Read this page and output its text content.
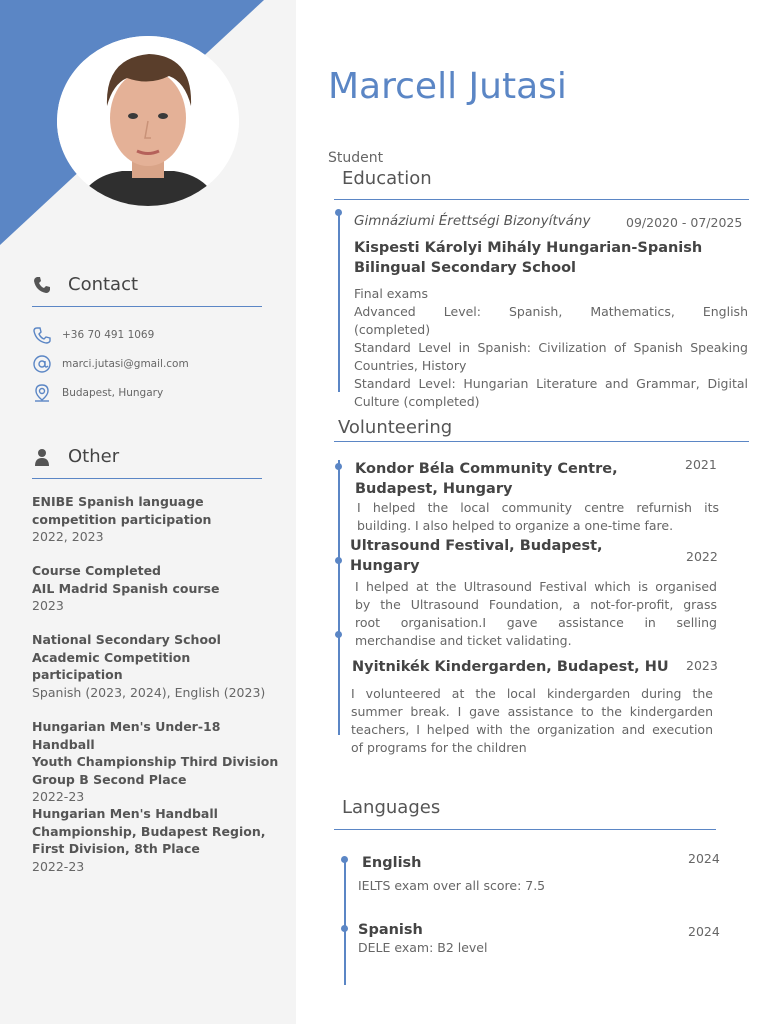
Contact
+36 70 491 1069
marci.jutasi@gmail.com
Budapest, Hungary
Other
ENIBE Spanish language
competition participation
2022, 2023
Course Completed
AIL Madrid Spanish course
2023
National Secondary School
Academic Competition
participation
Spanish (2023, 2024), English (2023)
Hungarian Men's Under-18 Handball
Youth Championship Third Division
Group B Second Place
2022-23
Hungarian Men's Handball
Championship, Budapest Region,
First Division, 8th Place
2022-23
Marcell Jutasi
Student
Education
Gimnáziumi Érettségi Bizonyítvány	09/2020 - 07/2025
Kispesti Károlyi Mihály Hungarian-Spanish
Bilingual Secondary School
Final exams
Advanced Level: Spanish, Mathematics, English
(completed)
Standard Level in Spanish: Civilization of Spanish Speaking
Countries, History
Standard Level: Hungarian Literature and Grammar, Digital
Culture (completed)
Volunteering
Kondor Béla Community Centre,
Budapest, Hungary
2021
I helped the local community centre refurnish its
building. I also helped to organize a one-time fare.
Ultrasound Festival, Budapest,
Hungary
2022
I helped at the Ultrasound Festival which is organised
by the Ultrasound Foundation, a not-for-profit, grass
root organisation.I gave assistance in selling
merchandise and ticket validating.
Nyitnikék Kindergarden, Budapest, HU 2023
I volunteered at the local kindergarden during the
summer break. I gave assistance to the kindergarden
teachers, I helped with the organization and execution
of programs for the children
Languages
English	2024
IELTS exam over all score: 7.5
Spanish	2024
DELE exam: B2 level
